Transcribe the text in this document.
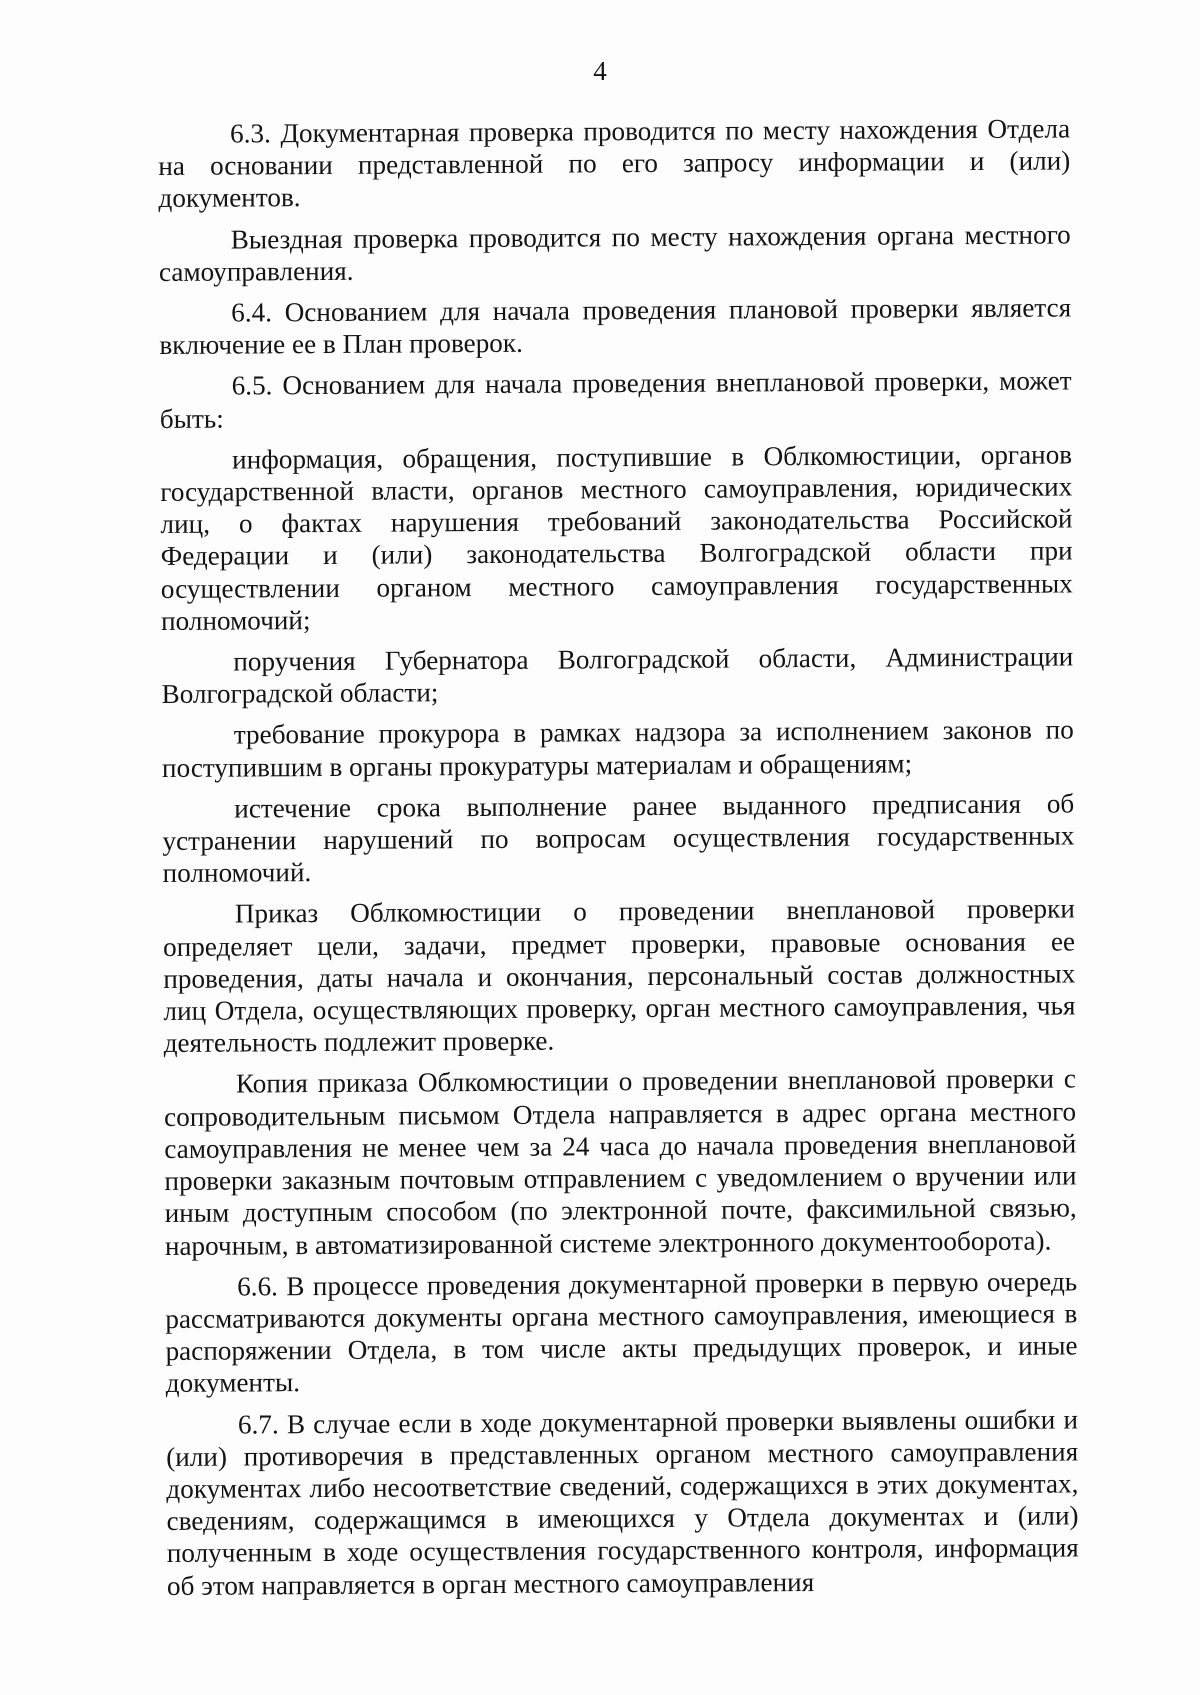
4

6.3. Документарная проверка проводится по месту нахождения Отдела на основании представленной по его запросу информации и (или) документов.

Выездная проверка проводится по месту нахождения органа местного самоуправления.

6.4. Основанием для начала проведения плановой проверки является включение ее в План проверок.

6.5. Основанием для начала проведения внеплановой проверки, может быть:

информация, обращения, поступившие в Облкомюстиции, органов государственной власти, органов местного самоуправления, юридических лиц, о фактах нарушения требований законодательства Российской Федерации и (или) законодательства Волгоградской области при осуществлении органом местного самоуправления государственных полномочий;

поручения Губернатора Волгоградской области, Администрации Волгоградской области;

требование прокурора в рамках надзора за исполнением законов по поступившим в органы прокуратуры материалам и обращениям;

истечение срока выполнение ранее выданного предписания об устранении нарушений по вопросам осуществления государственных полномочий.

Приказ Облкомюстиции о проведении внеплановой проверки определяет цели, задачи, предмет проверки, правовые основания ее проведения, даты начала и окончания, персональный состав должностных лиц Отдела, осуществляющих проверку, орган местного самоуправления, чья деятельность подлежит проверке.

Копия приказа Облкомюстиции о проведении внеплановой проверки с сопроводительным письмом Отдела направляется в адрес органа местного самоуправления не менее чем за 24 часа до начала проведения внеплановой проверки заказным почтовым отправлением с уведомлением о вручении или иным доступным способом (по электронной почте, факсимильной связью, нарочным, в автоматизированной системе электронного документооборота).

6.6. В процессе проведения документарной проверки в первую очередь рассматриваются документы органа местного самоуправления, имеющиеся в распоряжении Отдела, в том числе акты предыдущих проверок, и иные документы.

6.7. В случае если в ходе документарной проверки выявлены ошибки и (или) противоречия в представленных органом местного самоуправления документах либо несоответствие сведений, содержащихся в этих документах, сведениям, содержащимся в имеющихся у Отдела документах и (или) полученным в ходе осуществления государственного контроля, информация об этом направляется в орган местного самоуправления
